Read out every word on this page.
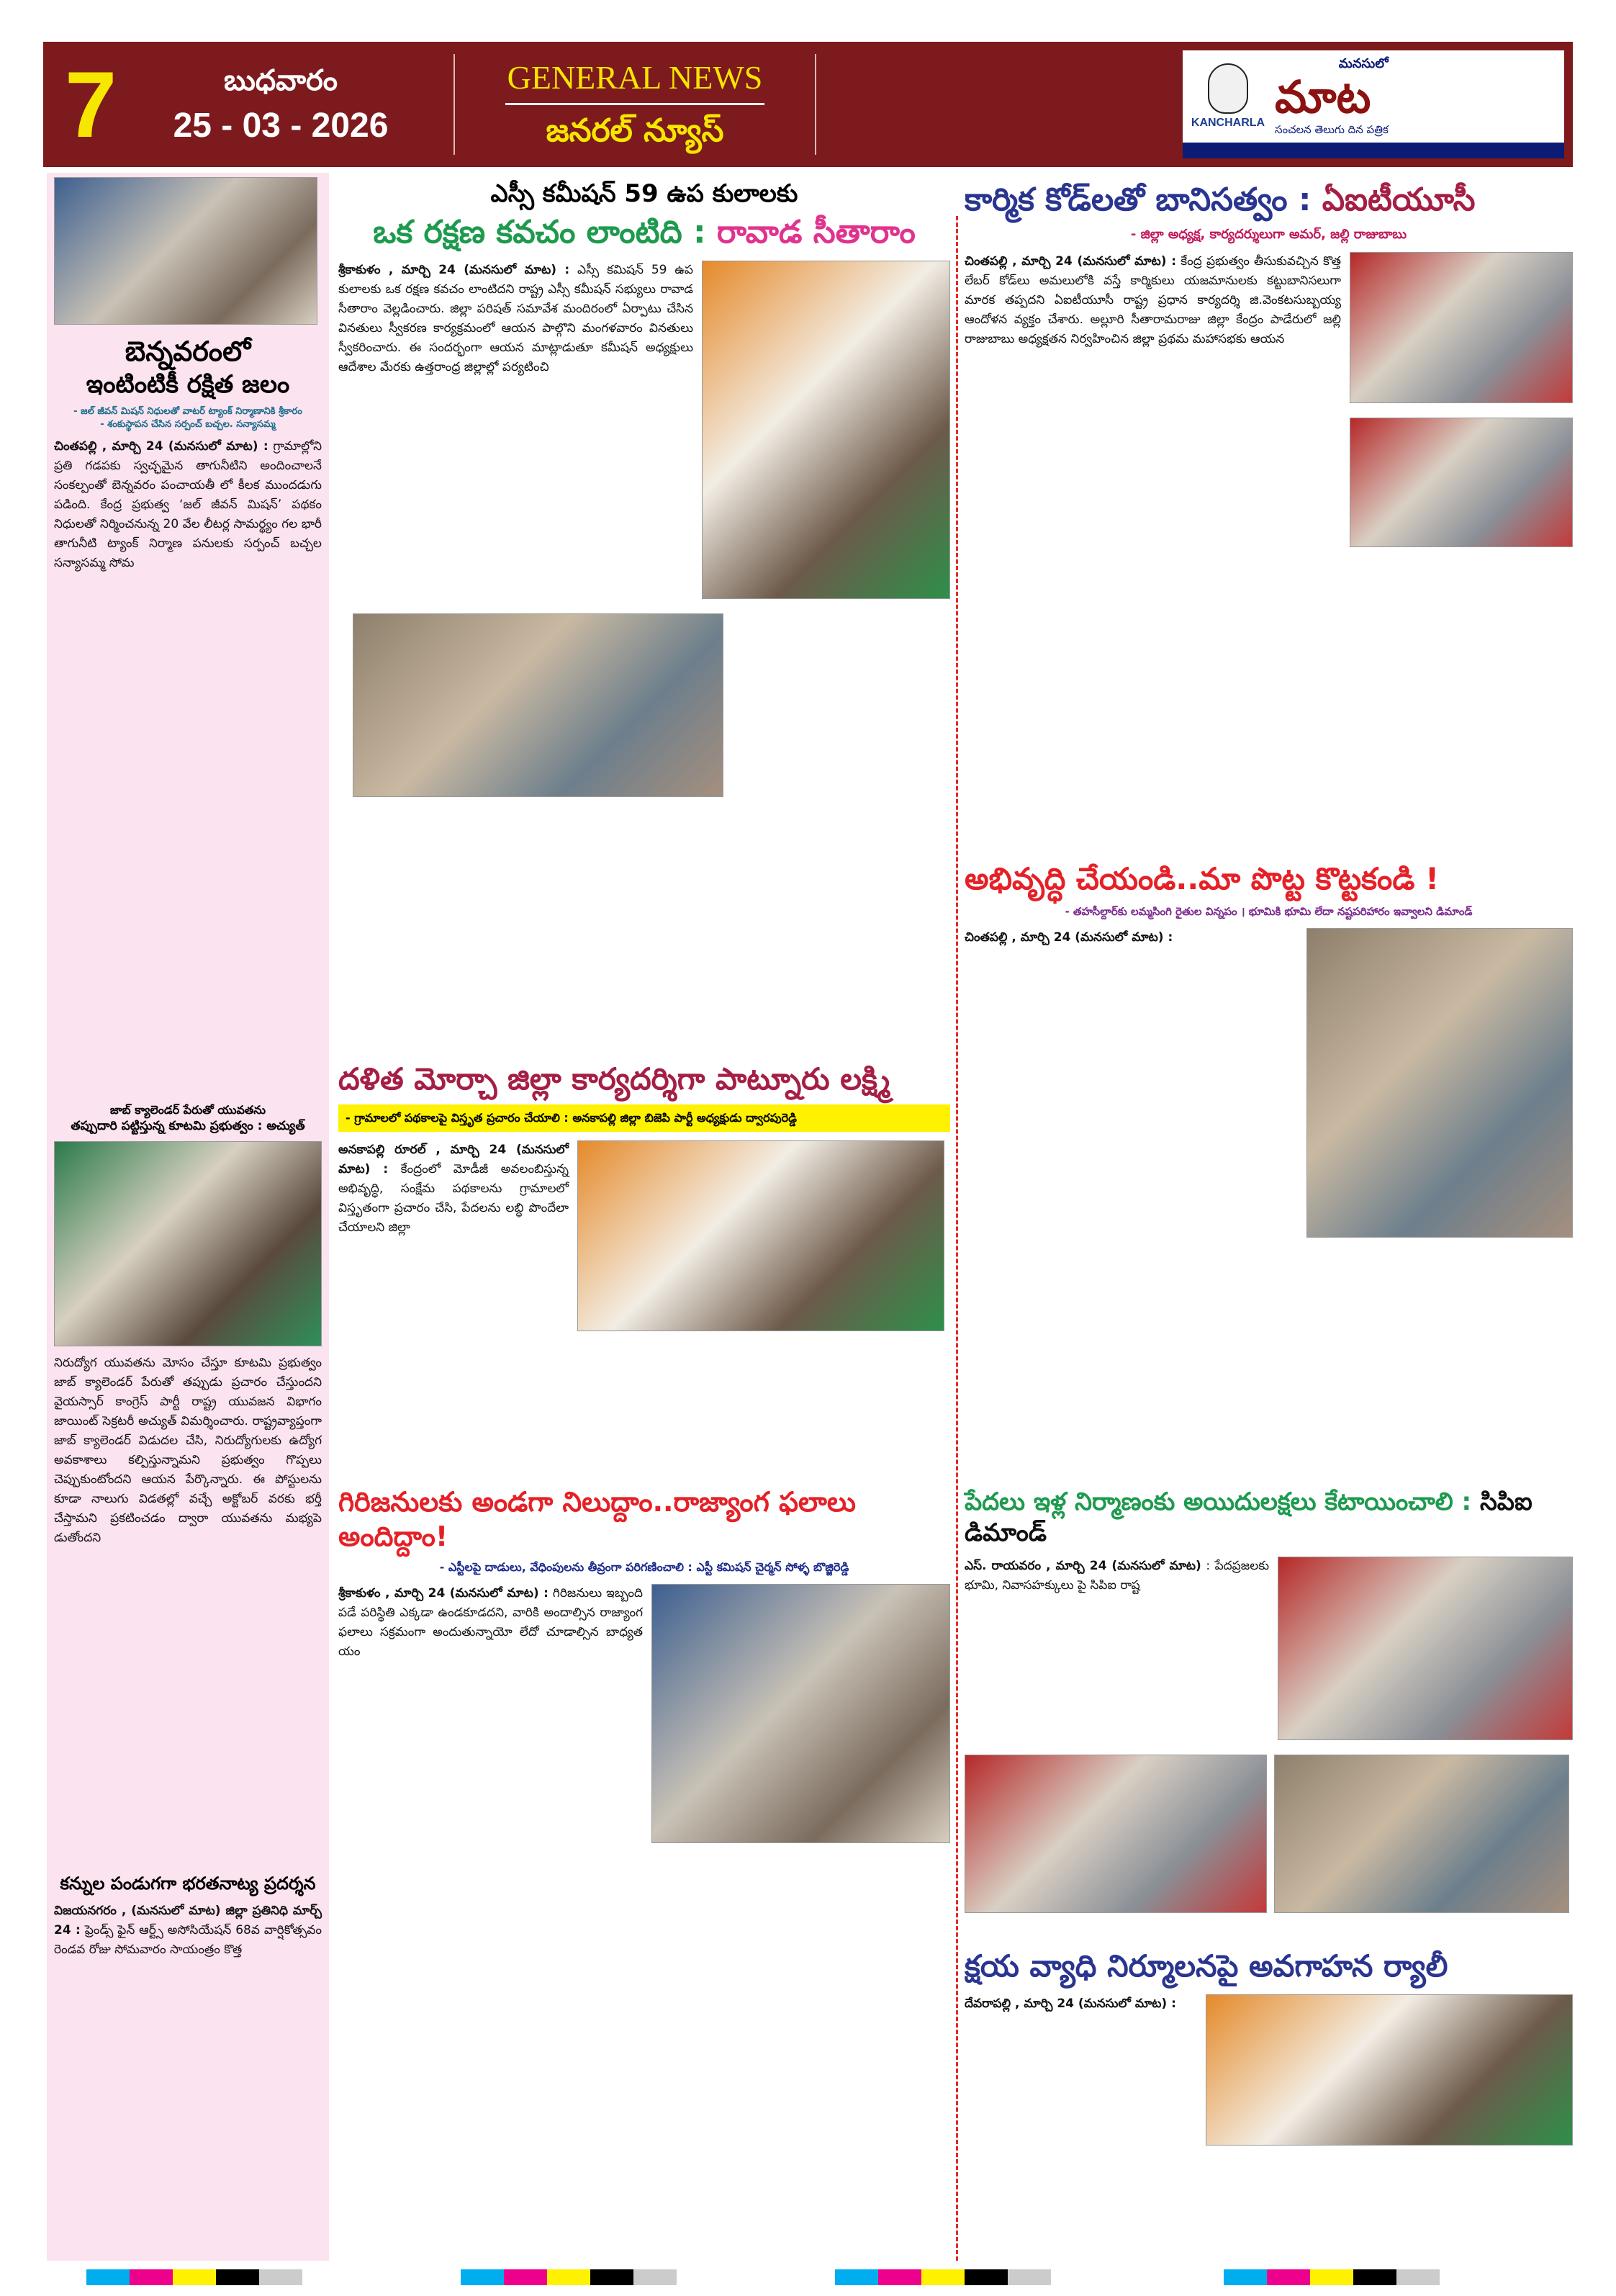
7	బుధవారం
25 - 03 - 2026
GENERAL NEWS
జనరల్ న్యూస్	KANCHARLA
మనసులో
మాట
సంచలన తెలుగు దిన పత్రిక
బెన్నవరంలో
ఇంటింటికీ రక్షిత జలం
- జల్ జీవన్ మిషన్ నిధులతో వాటర్ ట్యాంక్ నిర్మాణానికి శ్రీకారం
- శంకుస్థాపన చేసిన సర్పంచ్ బచ్చల. సన్యాసమ్మ
చింతపల్లి , మార్చి 24 (మనసులో మాట) : గ్రామాల్లోని ప్రతి గడపకు స్వచ్ఛమైన తాగునీటిని అందించాలనే సంకల్పంతో బెన్నవరం పంచాయతీ లో కీలక ముందడుగు పడింది. కేంద్ర ప్రభుత్వ ‘జల్ జీవన్ మిషన్’ పథకం నిధులతో నిర్మించనున్న 20 వేల లీటర్ల సామర్థ్యం గల భారీ తాగునీటి ట్యాంక్ నిర్మాణ పనులకు సర్పంచ్ బచ్చల సన్యాసమ్మ సోమ
జాబ్ క్యాలెండర్ పేరుతో యువతను
తప్పుదారి పట్టిస్తున్న కూటమి ప్రభుత్వం : అచ్యుత్
నిరుద్యోగ యువతను మోసం చేస్తూ కూటమి ప్రభుత్వం జాబ్ క్యాలెండర్ పేరుతో తప్పుడు ప్రచారం చేస్తుందని వైయస్సార్ కాంగ్రెస్ పార్టీ రాష్ట్ర యువజన విభాగం జాయింట్ సెక్రటరీ అచ్యుత్ విమర్శించారు. రాష్ట్రవ్యాప్తంగా జాబ్ క్యాలెండర్ విడుదల చేసి, నిరుద్యోగులకు ఉద్యోగ అవకాశాలు కల్పిస్తున్నామని ప్రభుత్వం గొప్పలు చెప్పుకుంటోందని ఆయన పేర్కొన్నారు. ఈ పోస్టులను కూడా నాలుగు విడతల్లో వచ్చే అక్టోబర్ వరకు భర్తీ చేస్తామని ప్రకటించడం ద్వారా యువతను మభ్యపె డుతోందని
కన్నుల పండుగగా భరతనాట్య ప్రదర్శన
విజయనగరం , (మనసులో మాట) జిల్లా ప్రతినిధి మార్చ్ 24 : ఫ్రెండ్స్ ఫైన్ ఆర్ట్స్ అసోసియేషన్ 68వ వార్షికోత్సవం రెండవ రోజు సోమవారం సాయంత్రం కొత్త
ఎస్సీ కమీషన్ 59 ఉప కులాలకు
ఒక రక్షణ కవచం లాంటిది : రావాడ సీతారాం
శ్రీకాకుళం , మార్చి 24 (మనసులో మాట) : ఎస్సీ కమిషన్ 59 ఉప కులాలకు ఒక రక్షణ కవచం లాంటిదని రాష్ట్ర ఎస్సీ కమీషన్ సభ్యులు రావాడ సీతారాం వెల్లడించారు. జిల్లా పరిషత్ సమావేశ మందిరంలో ఏర్పాటు చేసిన వినతులు స్వీకరణ కార్యక్రమంలో ఆయన పాల్గొని మంగళవారం వినతులు స్వీకరించారు. ఈ సందర్భంగా ఆయన మాట్లాడుతూ కమీషన్ అధ్యక్షులు ఆదేశాల మేరకు ఉత్తరాంధ్ర జిల్లాల్లో పర్యటించి
దళిత మోర్చా జిల్లా కార్యదర్శిగా పాట్నూరు లక్ష్మి
- గ్రామాలలో పథకాలపై విస్తృత ప్రచారం చేయాలి : అనకాపల్లి జిల్లా బిజెపి పార్టీ అధ్యక్షుడు ద్వారపురెడ్డి
అనకాపల్లి రూరల్ , మార్చి 24 (మనసులో మాట) : కేంద్రంలో మోడీజీ అవలంబిస్తున్న అభివృద్ధి, సంక్షేమ పథకాలను గ్రామాలలో విస్తృతంగా ప్రచారం చేసి, పేదలను లబ్ధి పొందేలా చేయాలని జిల్లా
గిరిజనులకు అండగా నిలుద్దాం..రాజ్యాంగ ఫలాలు అందిద్దాం!
- ఎస్టీలపై దాడులు, వేధింపులను తీవ్రంగా పరిగణించాలి : ఎస్టీ కమిషన్ చైర్మన్ సోళ్ళ బొజ్జిరెడ్డి
శ్రీకాకుళం , మార్చి 24 (మనసులో మాట) : గిరిజనులు ఇబ్బంది పడే పరిస్థితి ఎక్కడా ఉండకూడదని, వారికి అందాల్సిన రాజ్యాంగ ఫలాలు సక్రమంగా అందుతున్నాయో లేదో చూడాల్సిన బాధ్యత యం
కార్మిక కోడ్‌లతో బానిసత్వం : ఏఐటీయూసీ
- జిల్లా అధ్యక్ష, కార్యదర్శులుగా అమర్, జల్లి రాజుబాబు
చింతపల్లి , మార్చి 24 (మనసులో మాట) : కేంద్ర ప్రభుత్వం తీసుకువచ్చిన కొత్త లేబర్ కోడ్‌లు అమలులోకి వస్తే కార్మికులు యజమానులకు కట్టుబానిసలుగా మారక తప్పదని ఏఐటీయూసీ రాష్ట్ర ప్రధాన కార్యదర్శి జి.వెంకటసుబ్బయ్య ఆందోళన వ్యక్తం చేశారు. అల్లూరి సీతారామరాజు జిల్లా కేంద్రం పాడేరులో జల్లి రాజుబాబు అధ్యక్షతన నిర్వహించిన జిల్లా ప్రథమ మహాసభకు ఆయన
అభివృద్ధి చేయండి..మా పొట్ట కొట్టకండి !
- తహసీల్దార్‌కు లమ్మసింగి రైతుల విన్నపం । భూమికి భూమి లేదా నష్టపరిహారం ఇవ్వాలని డిమాండ్
చింతపల్లి , మార్చి 24 (మనసులో మాట) :
పేదలు ఇళ్ల నిర్మాణంకు అయిదులక్షలు కేటాయించాలి : సిపిఐ డిమాండ్
ఎస్. రాయవరం , మార్చి 24 (మనసులో మాట) : పేదప్రజలకు భూమి, నివాసహక్కులు పై సిపిఐ రాష్ట
క్షయ వ్యాధి నిర్మూలనపై అవగాహన ర్యాలీ
దేవరాపల్లి , మార్చి 24 (మనసులో మాట) :
